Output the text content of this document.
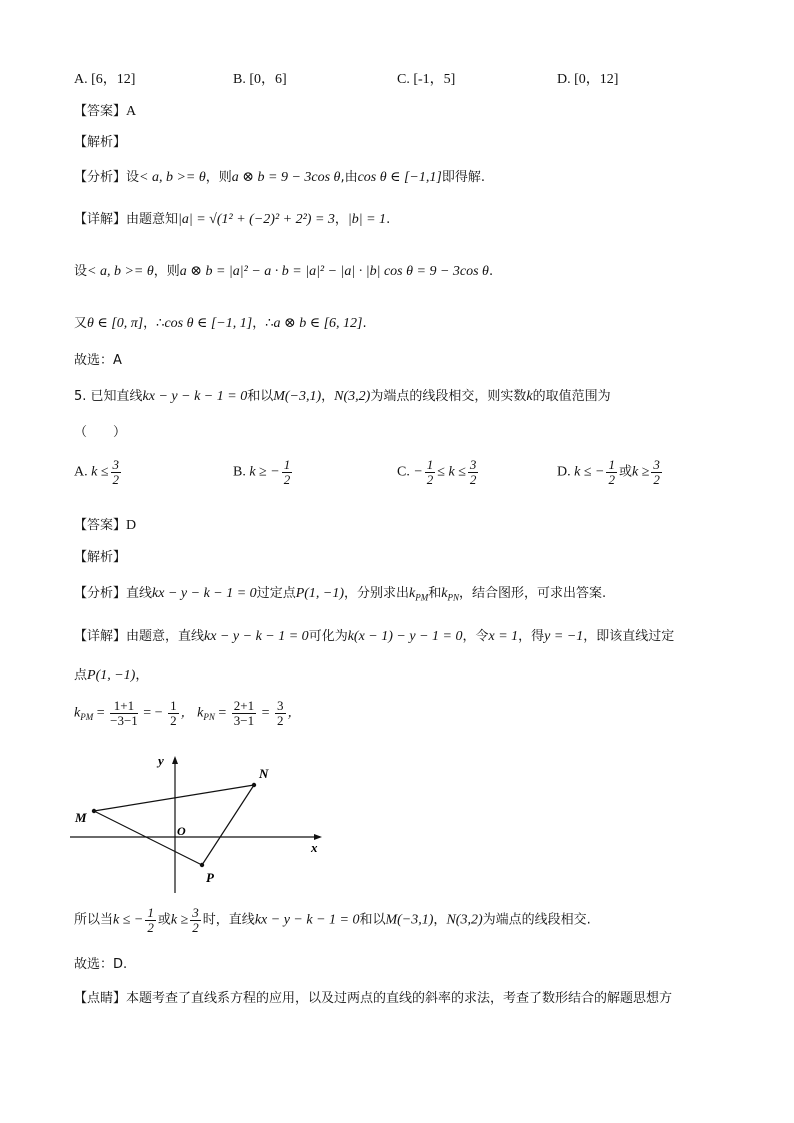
A. [6，12]	B. [0，6]	C. [-1，5]	D. [0，12]
【答案】A
【解析】
【分析】设< a, b >= θ，则a ⊗ b = 9 − 3cos θ,由cos θ ∈ [−1,1]即得解.
【详解】由题意知|a| = √(1² + (−2)² + 2²) = 3，|b| = 1.
设< a, b >= θ，则a ⊗ b = |a|² − a · b = |a|² − |a| · |b| cos θ = 9 − 3cos θ.
又θ ∈ [0, π]，∴cos θ ∈ [−1, 1]，∴a ⊗ b ∈ [6, 12].
故选：A
5. 已知直线kx − y − k − 1 = 0和以M(−3,1)，N(3,2)为端点的线段相交，则实数k的取值范围为
（　　）
A. $k \le \frac{3}{2}$	B. k ≥ − $\frac{1}{2}$	C. − $\frac{1}{2} \le k \le \frac{3}{2}$	D. k ≤ − $\frac{1}{2}$ 或$k \ge \frac{3}{2}$
【答案】D
【解析】
【分析】直线kx − y − k − 1 = 0过定点P(1, −1)，分别求出$k_{PM}$和$k_{PN}$，结合图形，可求出答案.
【详解】由题意，直线kx − y − k − 1 = 0可化为k(x − 1) − y − 1 = 0，令x = 1，得y = −1，即该直线过定
点P(1, −1)，
$k_{PM} = \frac{1+1}{-3-1}$ = − $\frac{1}{2}$ ， $k_{PN} = \frac{2+1}{3-1} = \frac{3}{2}$ ，
y
x
O
M
N
P
所以当k ≤ − $\frac{1}{2}$ 或$k \ge \frac{3}{2}$ 时，直线kx − y − k − 1 = 0和以M(−3,1)，N(3,2)为端点的线段相交.
故选：D.
【点睛】本题考查了直线系方程的应用，以及过两点的直线的斜率的求法，考查了数形结合的解题思想方
